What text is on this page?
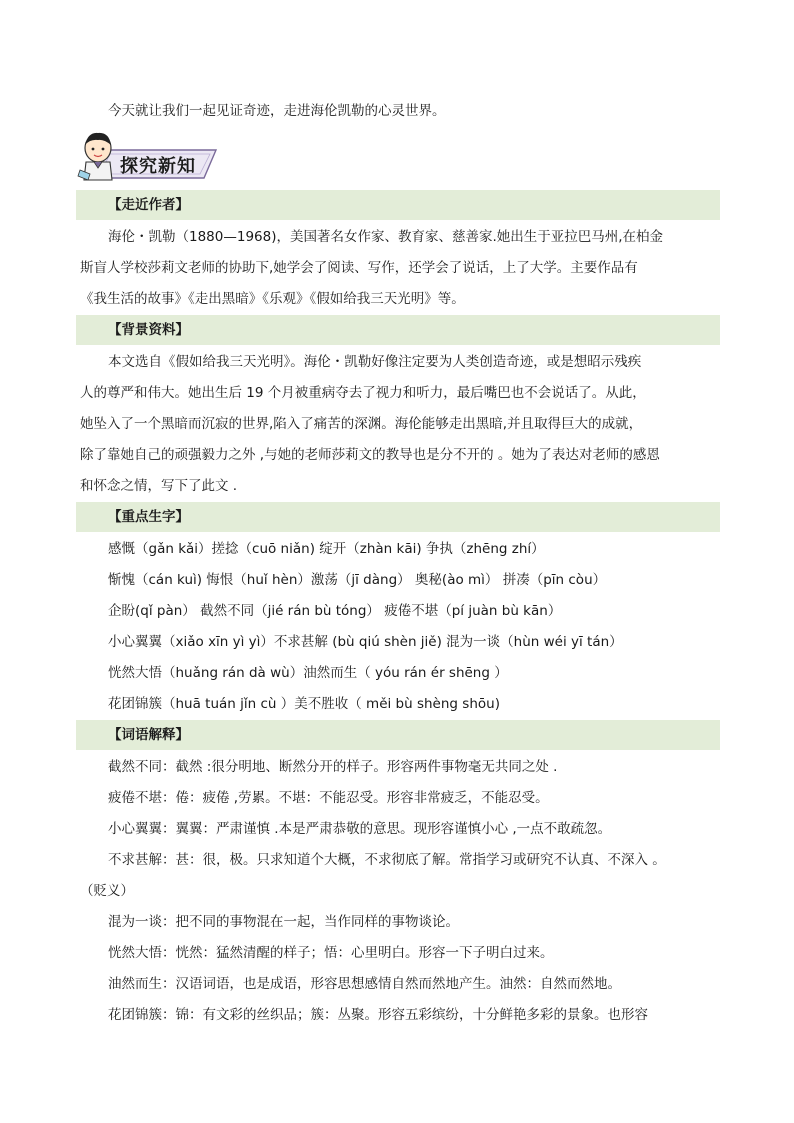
今天就让我们一起见证奇迹，走进海伦凯勒的心灵世界。
探究新知
【走近作者】
海伦・凯勒（1880—1968)，美国著名女作家、教育家、慈善家.她出生于亚拉巴马州,在柏金
斯盲人学校莎莉文老师的协助下,她学会了阅读、写作，还学会了说话，上了大学。主要作品有
《我生活的故事》《走出黑暗》《乐观》《假如给我三天光明》等。
【背景资料】
本文选自《假如给我三天光明》。海伦・凯勒好像注定要为人类创造奇迹，或是想昭示残疾
人的尊严和伟大。她出生后 19 个月被重病夺去了视力和听力，最后嘴巴也不会说话了。从此，
她坠入了一个黑暗而沉寂的世界,陷入了痛苦的深渊。海伦能够走出黑暗,并且取得巨大的成就，
除了靠她自己的顽强毅力之外 ,与她的老师莎莉文的教导也是分不开的 。她为了表达对老师的感恩
和怀念之情，写下了此文 .
【重点生字】
感慨（gǎn kǎi）搓捻（cuō niǎn) 绽开（zhàn kāi) 争执（zhēng zhí）
惭愧（cán kuì) 悔恨（huǐ hèn）激荡（jī dàng） 奥秘(ào mì） 拼凑（pīn còu）
企盼(qǐ pàn） 截然不同（jié rán bù tóng） 疲倦不堪（pí juàn bù kān）
小心翼翼（xiǎo xīn yì yì）不求甚解 (bù qiú shèn jiě) 混为一谈（hùn wéi yī tán）
恍然大悟（huǎng rán dà wù）油然而生（ yóu rán ér shēng ）
花团锦簇（huā tuán jǐn cù ）美不胜收（ měi bù shèng shōu)
【词语解释】
截然不同：截然 :很分明地、断然分开的样子。形容两件事物毫无共同之处 .
疲倦不堪：倦：疲倦 ,劳累。不堪：不能忍受。形容非常疲乏，不能忍受。
小心翼翼：翼翼：严肃谨慎 .本是严肃恭敬的意思。现形容谨慎小心 ,一点不敢疏忽。
不求甚解：甚：很，极。只求知道个大概，不求彻底了解。常指学习或研究不认真、不深入 。
（贬义）
混为一谈：把不同的事物混在一起，当作同样的事物谈论。
恍然大悟：恍然：猛然清醒的样子；悟：心里明白。形容一下子明白过来。
油然而生：汉语词语，也是成语，形容思想感情自然而然地产生。油然：自然而然地。
花团锦簇：锦：有文彩的丝织品；簇：丛聚。形容五彩缤纷，十分鲜艳多彩的景象。也形容
